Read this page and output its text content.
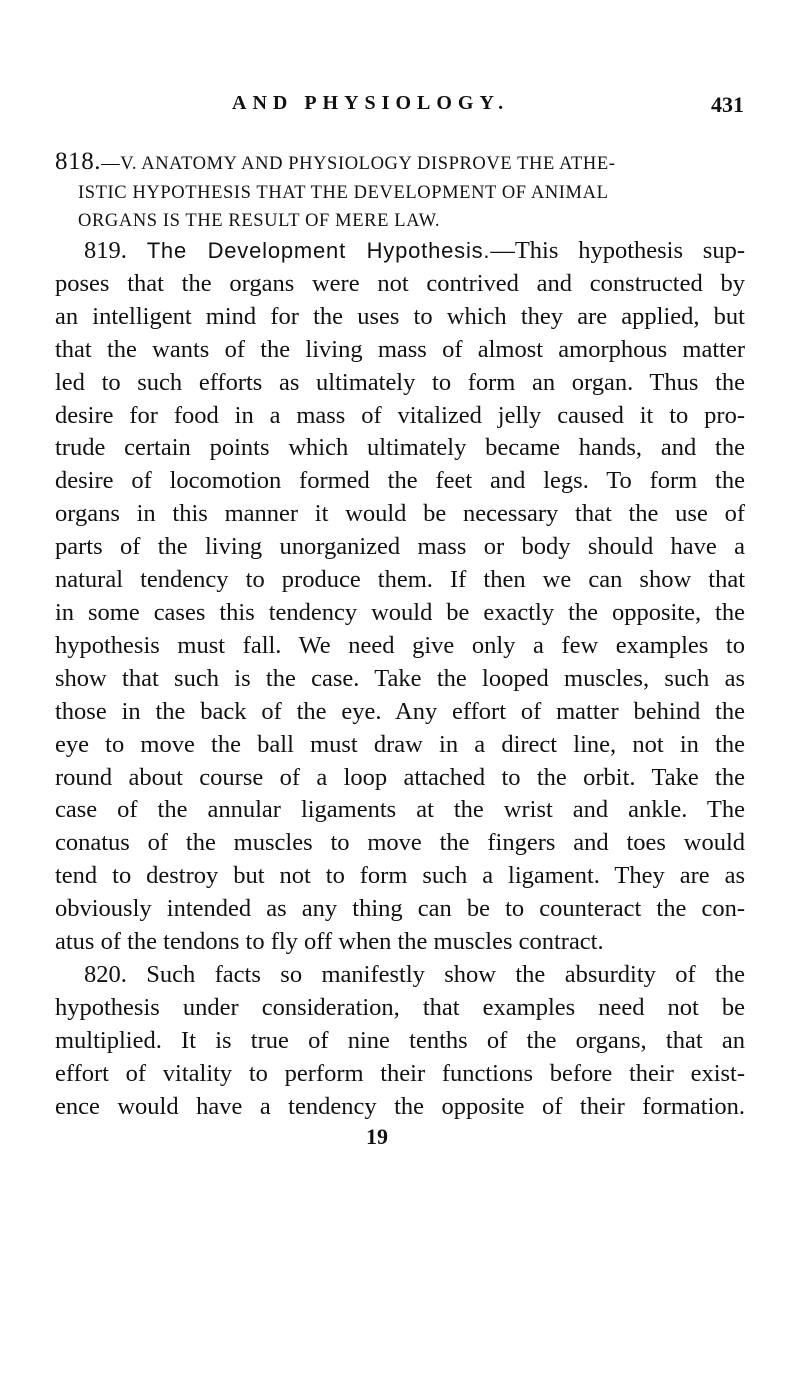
AND PHYSIOLOGY.	431
818.—V. ANATOMY AND PHYSIOLOGY DISPROVE THE ATHE-
ISTIC HYPOTHESIS THAT THE DEVELOPMENT OF ANIMAL
ORGANS IS THE RESULT OF MERE LAW.
819. The Development Hypothesis.—This hypothesis sup-
poses that the organs were not contrived and constructed by
an intelligent mind for the uses to which they are applied, but
that the wants of the living mass of almost amorphous matter
led to such efforts as ultimately to form an organ. Thus the
desire for food in a mass of vitalized jelly caused it to pro-
trude certain points which ultimately became hands, and the
desire of locomotion formed the feet and legs. To form the
organs in this manner it would be necessary that the use of
parts of the living unorganized mass or body should have a
natural tendency to produce them. If then we can show that
in some cases this tendency would be exactly the opposite, the
hypothesis must fall. We need give only a few examples to
show that such is the case. Take the looped muscles, such as
those in the back of the eye. Any effort of matter behind the
eye to move the ball must draw in a direct line, not in the
round about course of a loop attached to the orbit. Take the
case of the annular ligaments at the wrist and ankle. The
conatus of the muscles to move the fingers and toes would
tend to destroy but not to form such a ligament. They are as
obviously intended as any thing can be to counteract the con-
atus of the tendons to fly off when the muscles contract.
820. Such facts so manifestly show the absurdity of the
hypothesis under consideration, that examples need not be
multiplied. It is true of nine tenths of the organs, that an
effort of vitality to perform their functions before their exist-
ence would have a tendency the opposite of their formation.
19
